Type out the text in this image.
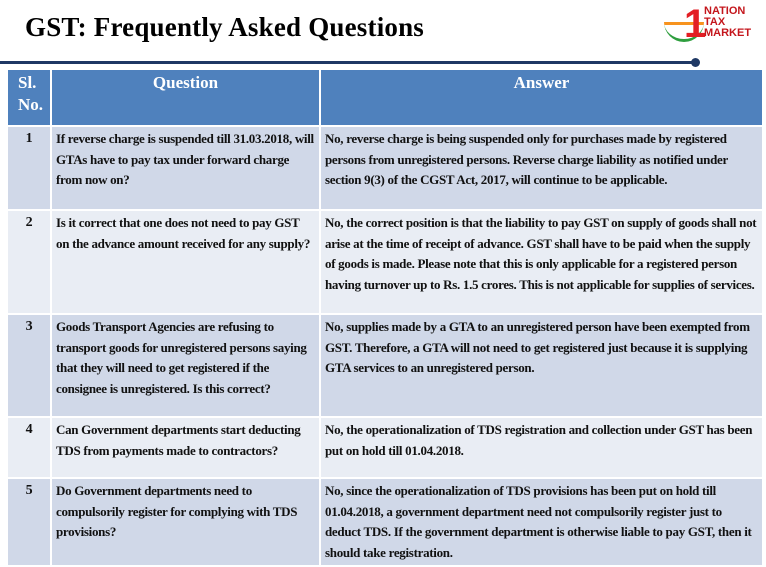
GST: Frequently Asked Questions	1
NATION
TAX
MARKET
Sl. No.	Question	Answer
1	If reverse charge is suspended till 31.03.2018, will GTAs have to pay tax under forward charge from now on?	No, reverse charge is being suspended only for purchases made by registered persons from unregistered persons. Reverse charge liability as notified under section 9(3) of the CGST Act, 2017, will continue to be applicable.
2	Is it correct that one does not need to pay GST on the advance amount received for any supply?	No, the correct position is that the liability to pay GST on supply of goods shall not arise at the time of receipt of advance. GST shall have to be paid when the supply of goods is made. Please note that this is only applicable for a registered person having turnover up to Rs. 1.5 crores. This is not applicable for supplies of services.
3	Goods Transport Agencies are refusing to transport goods for unregistered persons saying that they will need to get registered if the consignee is unregistered. Is this correct?	No, supplies made by a GTA to an unregistered person have been exempted from GST. Therefore, a GTA will not need to get registered just because it is supplying GTA services to an unregistered person.
4	Can Government departments start deducting TDS from payments made to contractors?	No, the operationalization of TDS registration and collection under GST has been put on hold till 01.04.2018.
5	Do Government departments need to compulsorily register for complying with TDS provisions?	No, since the operationalization of TDS provisions has been put on hold till 01.04.2018, a government department need not compulsorily register just to deduct TDS. If the government department is otherwise liable to pay GST, then it should take registration.
